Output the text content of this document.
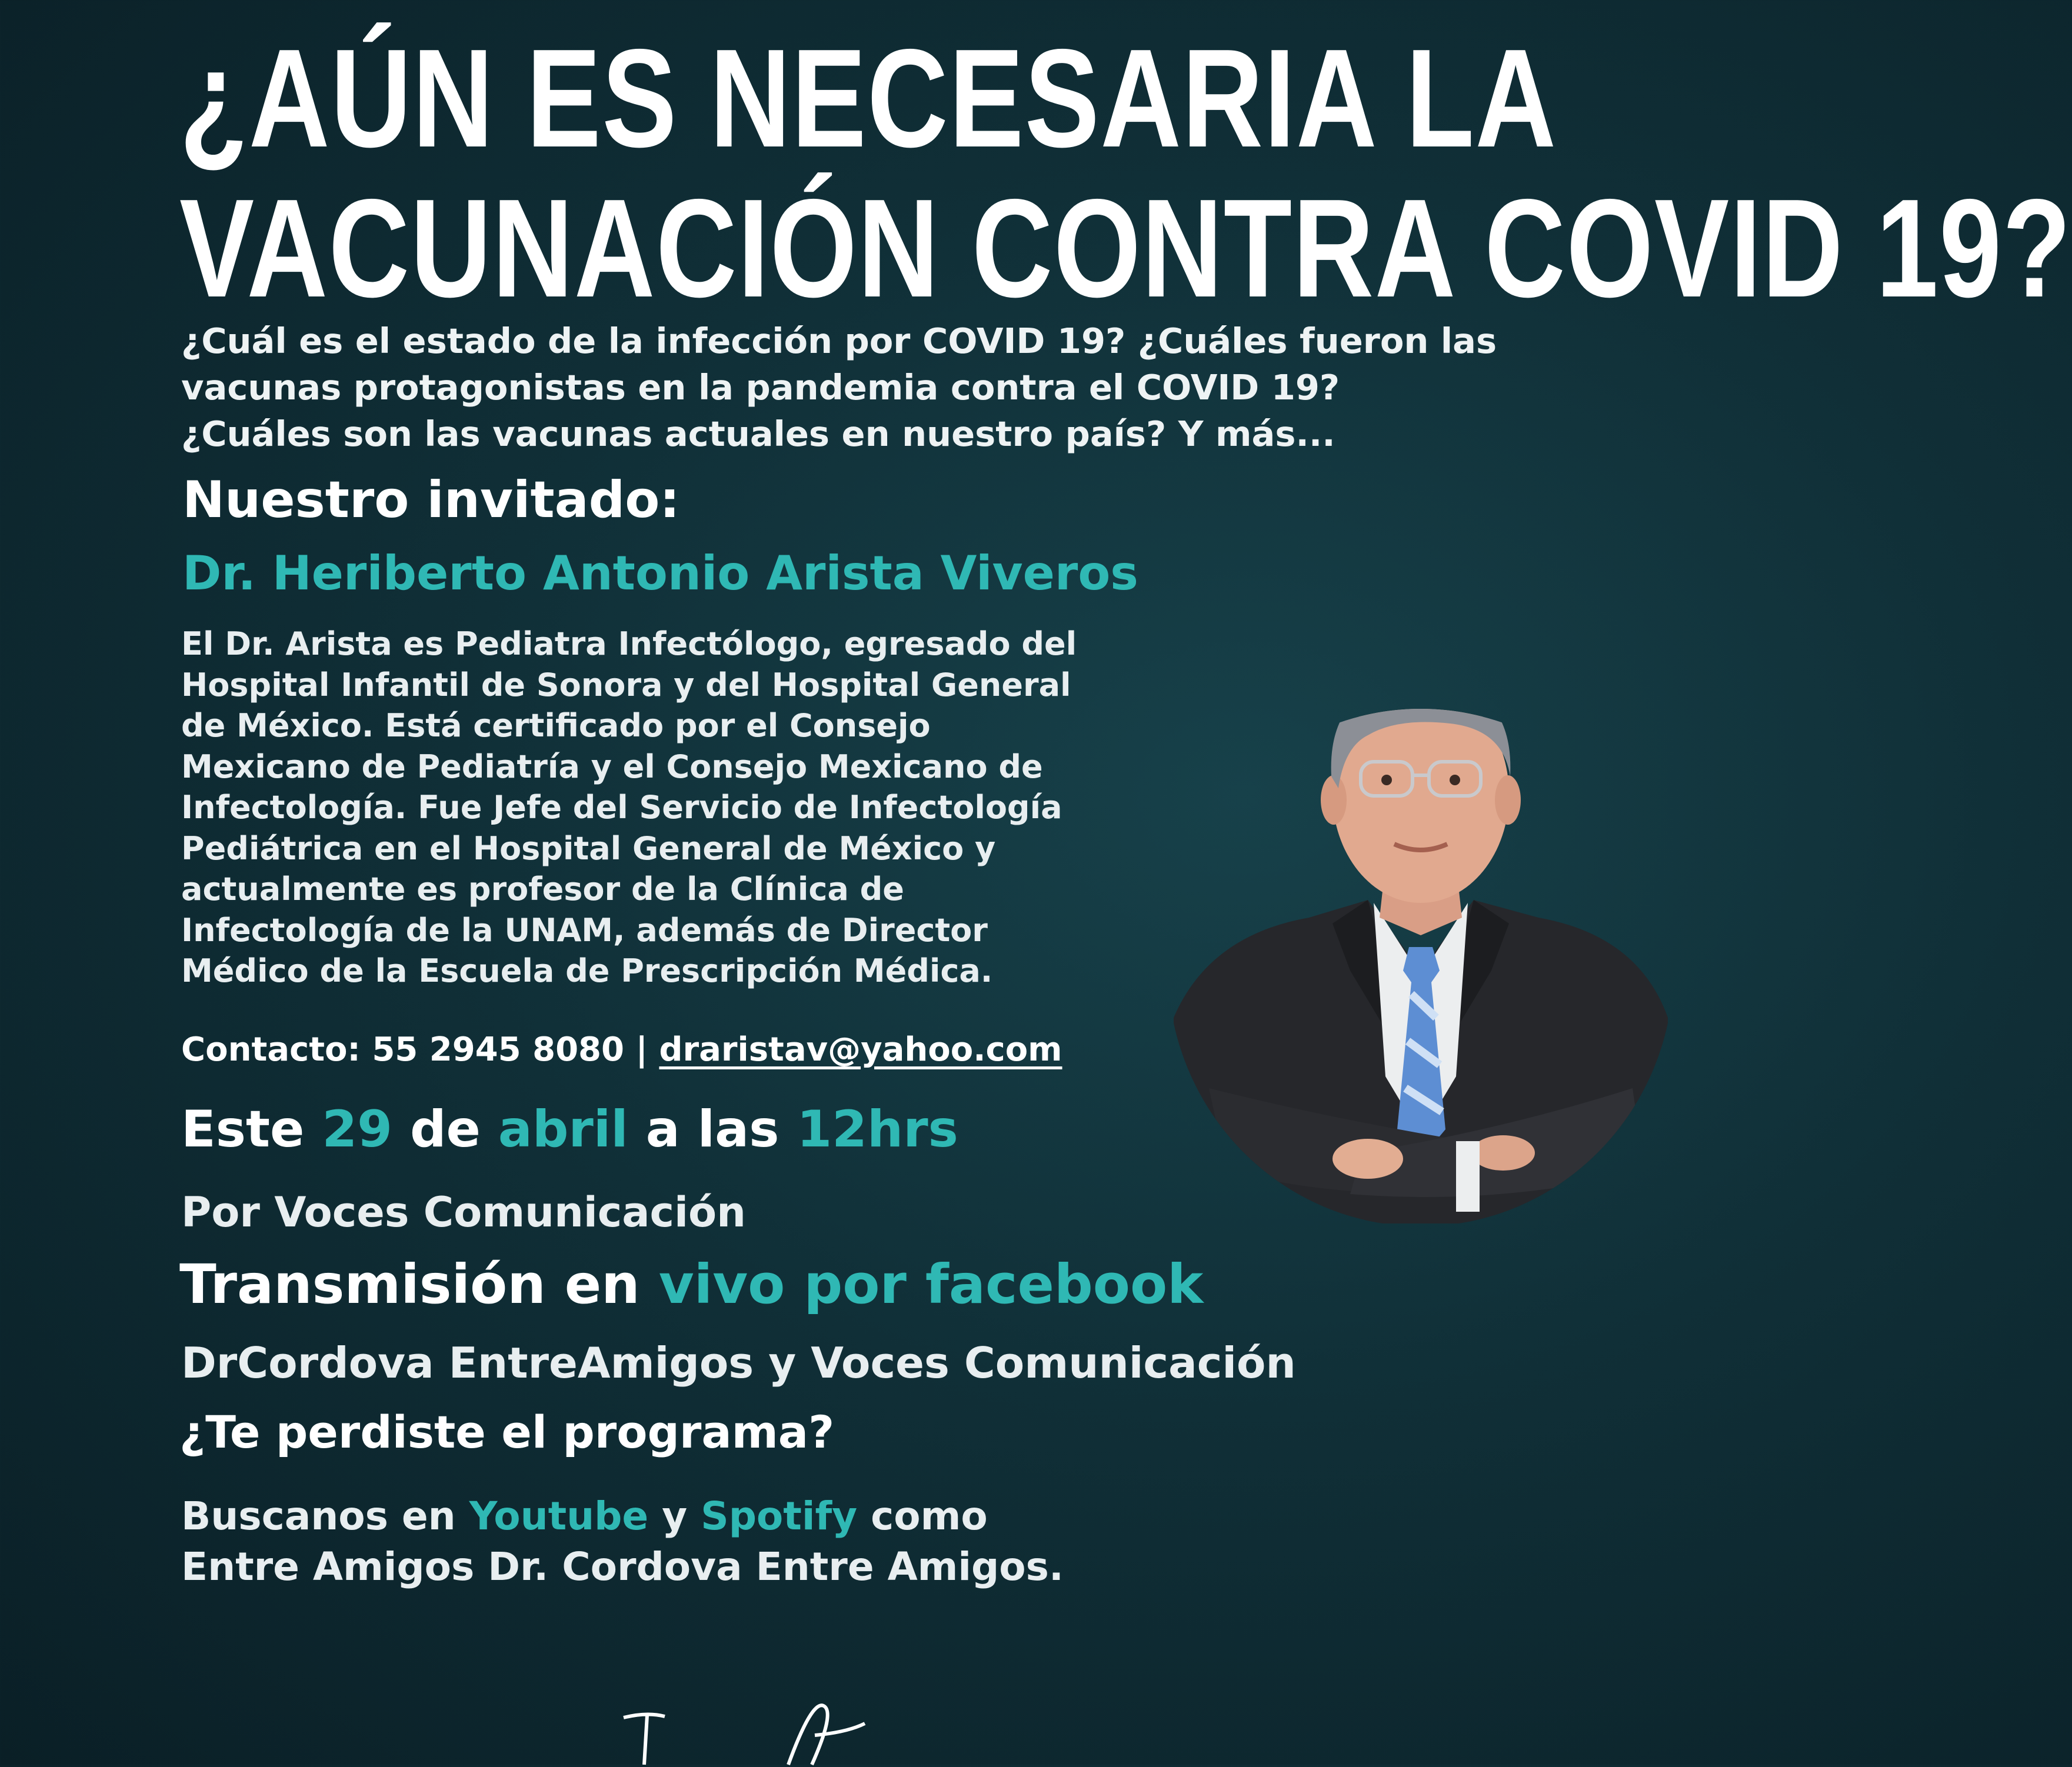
¿AÚN ES NECESARIA LA
VACUNACIÓN CONTRA COVID 19?
¿Cuál es el estado de la infección por COVID 19? ¿Cuáles fueron las
vacunas protagonistas en la pandemia contra el COVID 19?
¿Cuáles son las vacunas actuales en nuestro país? Y más...
Nuestro invitado:
Dr. Heriberto Antonio Arista Viveros
El Dr. Arista es Pediatra Infectólogo, egresado del
Hospital Infantil de Sonora y del Hospital General
de México. Está certificado por el Consejo
Mexicano de Pediatría y el Consejo Mexicano de
Infectología. Fue Jefe del Servicio de Infectología
Pediátrica en el Hospital General de México y
actualmente es profesor de la Clínica de
Infectología de la UNAM, además de Director
Médico de la Escuela de Prescripción Médica.
Contacto: 55 2945 8080 | draristav@yahoo.com
Este 29 de abril a las 12hrs
Por Voces Comunicación
Transmisión en vivo por facebook
DrCordova EntreAmigos y Voces Comunicación
¿Te perdiste el programa?
Buscanos en Youtube y Spotify como
Entre Amigos Dr. Cordova Entre Amigos.
